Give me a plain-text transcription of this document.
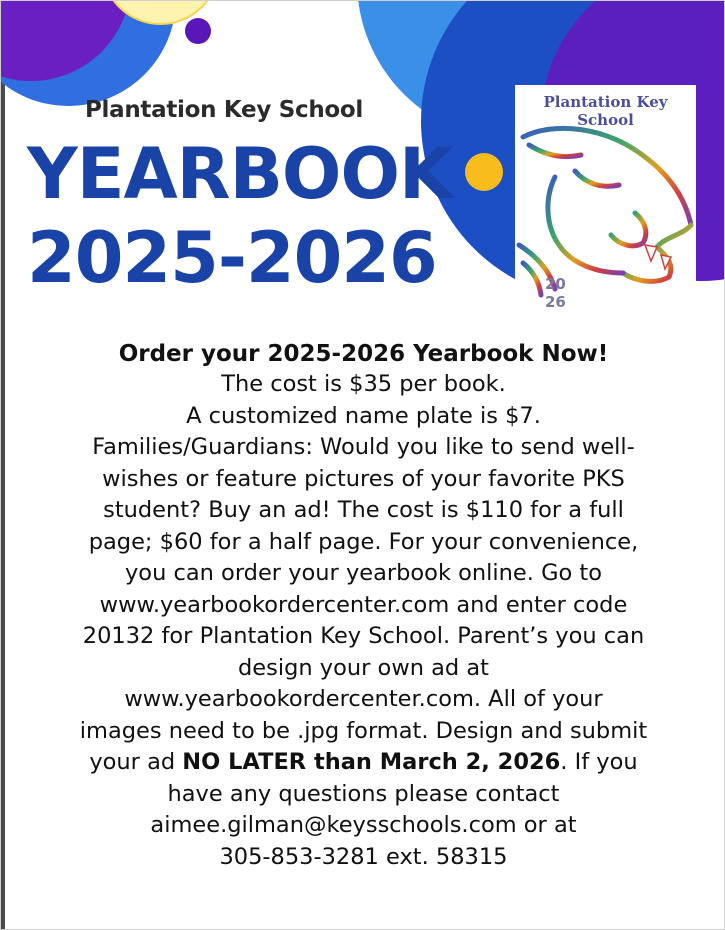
Plantation Key School
YEARBOOK
2025-2026
Plantation Key
School
20
26

Order your 2025-2026 Yearbook Now!

The cost is $35 per book.

A customized name plate is $7.

Families/Guardians: Would you like to send well-

wishes or feature pictures of your favorite PKS

student? Buy an ad! The cost is $110 for a full

page; $60 for a half page. For your convenience,

you can order your yearbook online. Go to

www.yearbookordercenter.com and enter code

20132 for Plantation Key School. Parent’s you can

design your own ad at

www.yearbookordercenter.com. All of your

images need to be .jpg format. Design and submit

your ad NO LATER than March 2, 2026. If you

have any questions please contact

aimee.gilman@keysschools.com or at

305-853-3281 ext. 58315
